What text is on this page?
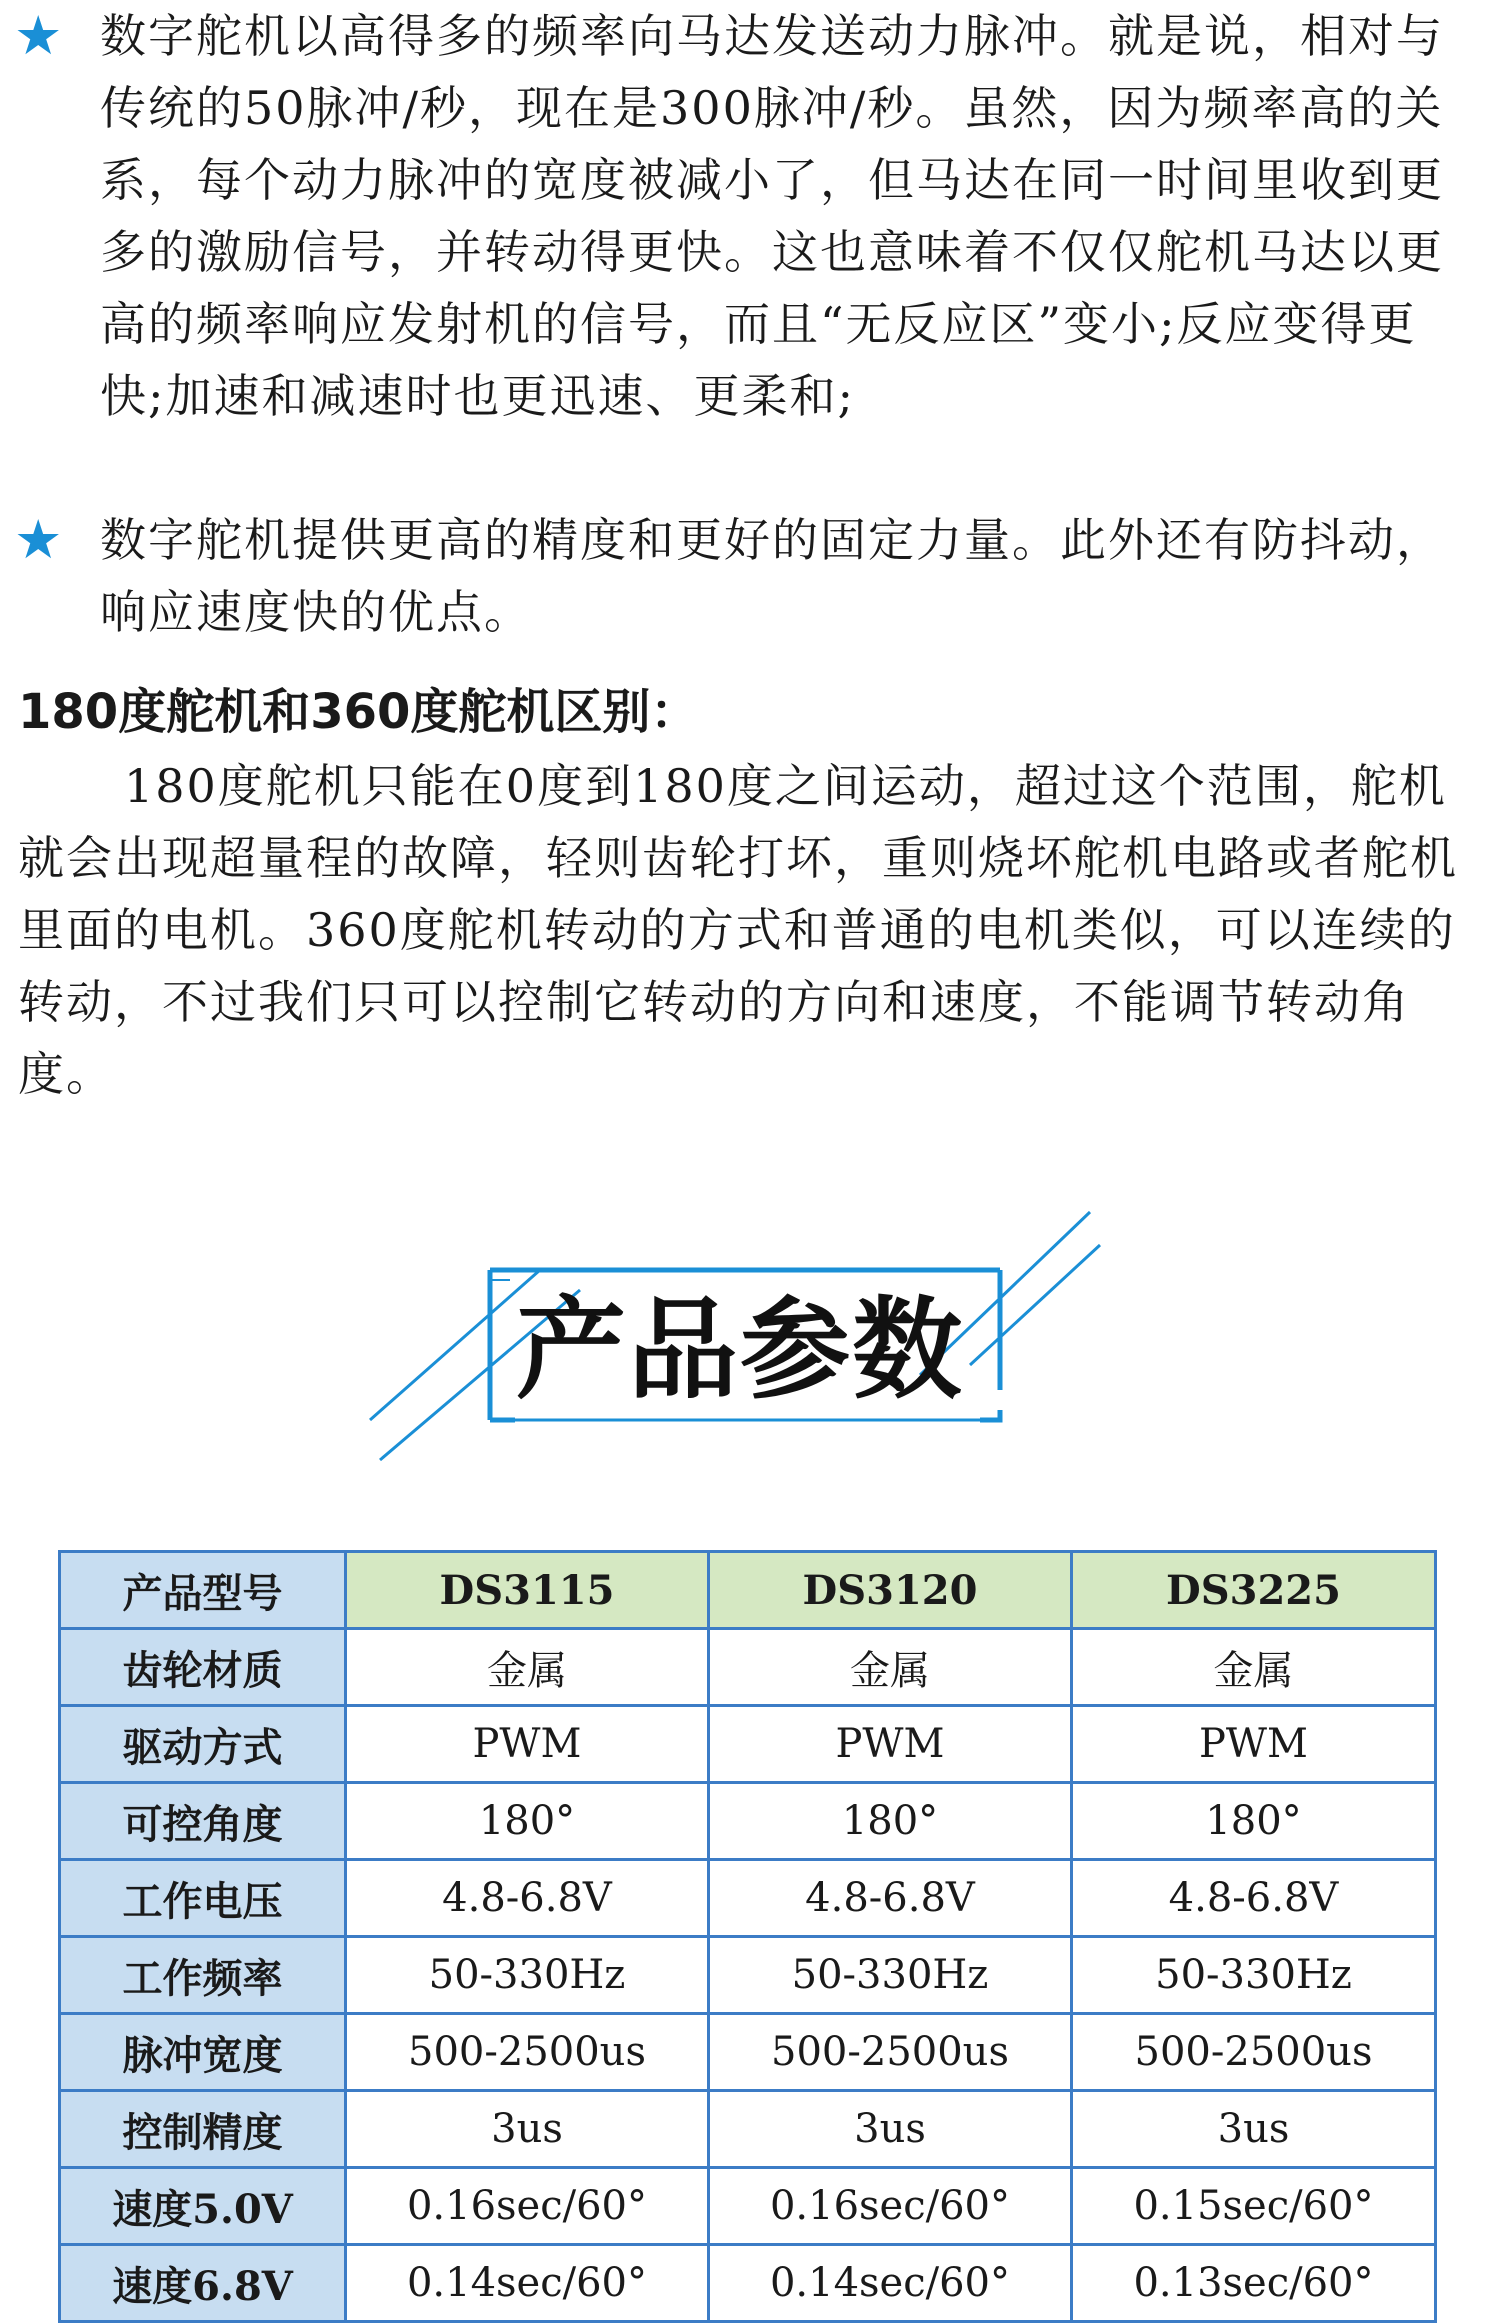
★ 数字舵机以高得多的频率向马达发送动力脉冲。就是说，相对与传统的50脉冲/秒，现在是300脉冲/秒。虽然，因为频率高的关系，每个动力脉冲的宽度被减小了，但马达在同一时间里收到更多的激励信号，并转动得更快。这也意味着不仅仅舵机马达以更高的频率响应发射机的信号，而且“无反应区”变小;反应变得更快;加速和减速时也更迅速、更柔和;
★ 数字舵机提供更高的精度和更好的固定力量。此外还有防抖动，响应速度快的优点。
180度舵机和360度舵机区别：
180度舵机只能在0度到180度之间运动，超过这个范围，舵机就会出现超量程的故障，轻则齿轮打坏，重则烧坏舵机电路或者舵机里面的电机。360度舵机转动的方式和普通的电机类似，可以连续的转动，不过我们只可以控制它转动的方向和速度，不能调节转动角度。
产品参数
产品型号	DS3115	DS3120	DS3225
齿轮材质	金属	金属	金属
驱动方式	PWM	PWM	PWM
可控角度	180°	180°	180°
工作电压	4.8-6.8V	4.8-6.8V	4.8-6.8V
工作频率	50-330Hz	50-330Hz	50-330Hz
脉冲宽度	500-2500us	500-2500us	500-2500us
控制精度	3us	3us	3us
速度5.0V	0.16sec/60°	0.16sec/60°	0.15sec/60°
速度6.8V	0.14sec/60°	0.14sec/60°	0.13sec/60°
